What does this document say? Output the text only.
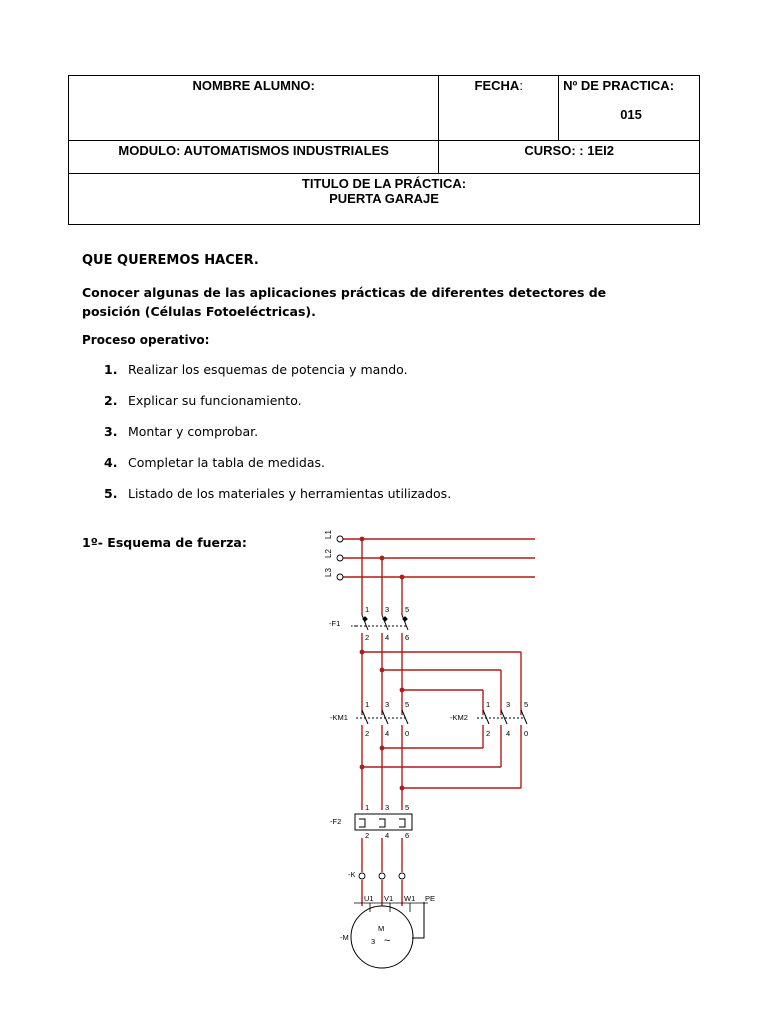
NOMBRE ALUMNO:	FECHA:	Nº DE PRACTICA:
015

MODULO: AUTOMATISMOS INDUSTRIALES	CURSO: : 1EI2	

TITULO DE LA PRÁCTICA:
PUERTA GARAJE		
QUE QUEREMOS HACER.
Conocer algunas de las aplicaciones prácticas de diferentes detectores de posición (Células Fotoeléctricas).
Proceso operativo:
1. Realizar los esquemas de potencia y mando.
2. Explicar su funcionamiento.
3. Montar y comprobar.
4. Completar la tabla de medidas.
5. Listado de los materiales y herramientas utilizados.
1º- Esquema de fuerza:
L1
L2
L3
1 3 5
-F1
2 4 6
1 3 5
-KM1
2 4 0
1 3 5
-KM2
2 4 0
1 3 5
-F2
2 4 6
-K
U1 V1 W1 PE
M
3 ~
-M
